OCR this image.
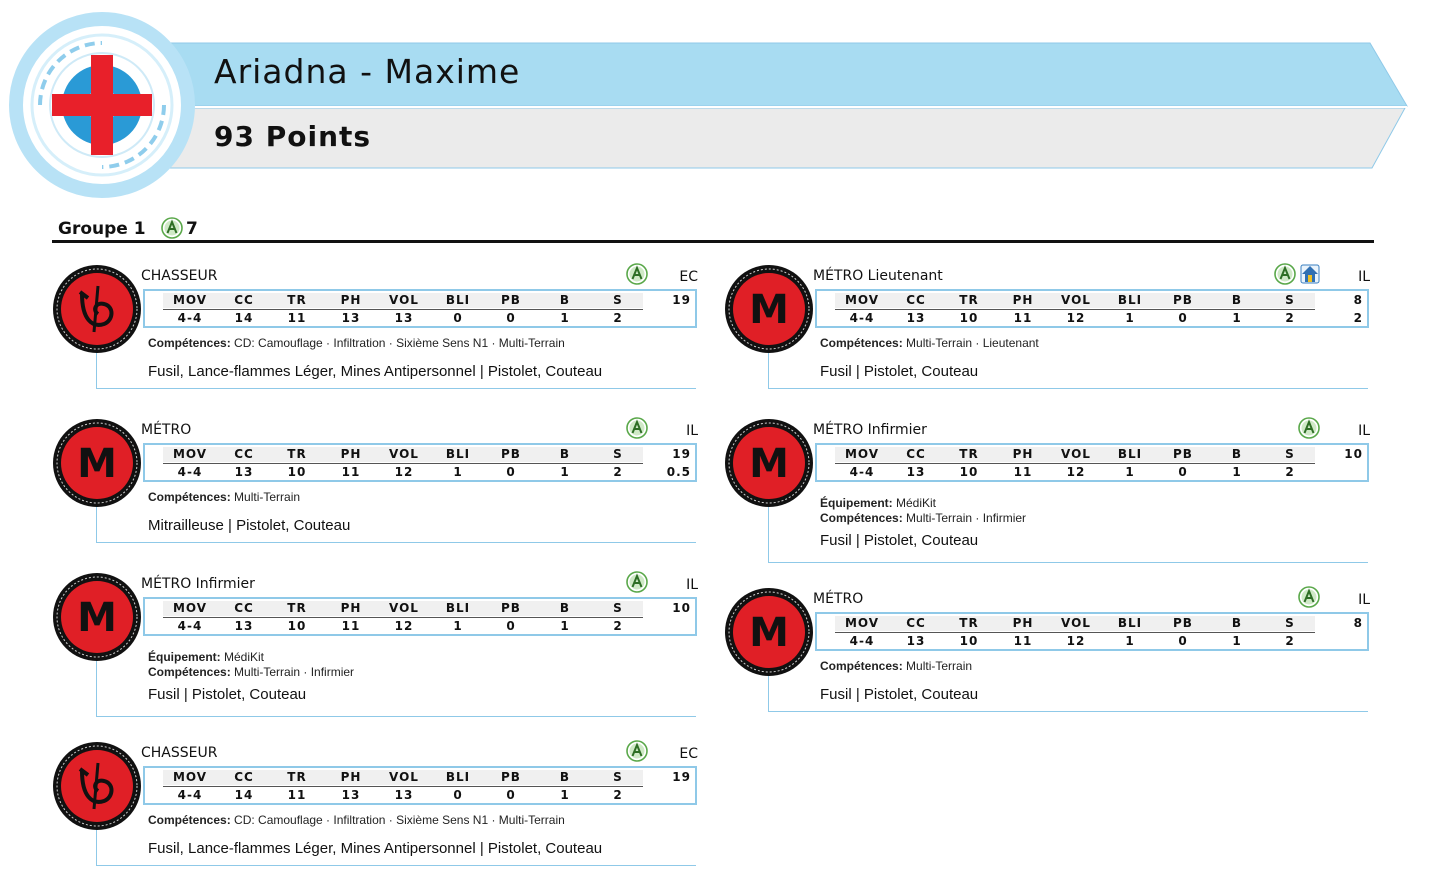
Ariadna - Maxime
93 Points
Groupe 1 7
CHASSEUR	EC
MOV	CC	TR	PH	VOL	BLI	PB	B	S	19
4-4	14	11	13	13	0	0	1	2
Compétences: CD: Camouflage · Infiltration · Sixième Sens N1 · Multi-Terrain
Fusil, Lance-flammes Léger, Mines Antipersonnel | Pistolet, Couteau
M
MÉTRO Lieutenant	IL
MOV	CC	TR	PH	VOL	BLI	PB	B	S	8
4-4	13	10	11	12	1	0	1	2	2
Compétences: Multi-Terrain · Lieutenant
Fusil | Pistolet, Couteau
M
MÉTRO	IL
MOV	CC	TR	PH	VOL	BLI	PB	B	S	19
4-4	13	10	11	12	1	0	1	2	0.5
Compétences: Multi-Terrain
Mitrailleuse | Pistolet, Couteau
M
MÉTRO Infirmier	IL
MOV	CC	TR	PH	VOL	BLI	PB	B	S	10
4-4	13	10	11	12	1	0	1	2
Équipement: MédiKit
Compétences: Multi-Terrain · Infirmier
Fusil | Pistolet, Couteau
M
MÉTRO Infirmier	IL
MOV	CC	TR	PH	VOL	BLI	PB	B	S	10
4-4	13	10	11	12	1	0	1	2
Équipement: MédiKit
Compétences: Multi-Terrain · Infirmier
Fusil | Pistolet, Couteau
M
MÉTRO	IL
MOV	CC	TR	PH	VOL	BLI	PB	B	S	8
4-4	13	10	11	12	1	0	1	2
Compétences: Multi-Terrain
Fusil | Pistolet, Couteau
CHASSEUR	EC
MOV	CC	TR	PH	VOL	BLI	PB	B	S	19
4-4	14	11	13	13	0	0	1	2
Compétences: CD: Camouflage · Infiltration · Sixième Sens N1 · Multi-Terrain
Fusil, Lance-flammes Léger, Mines Antipersonnel | Pistolet, Couteau
